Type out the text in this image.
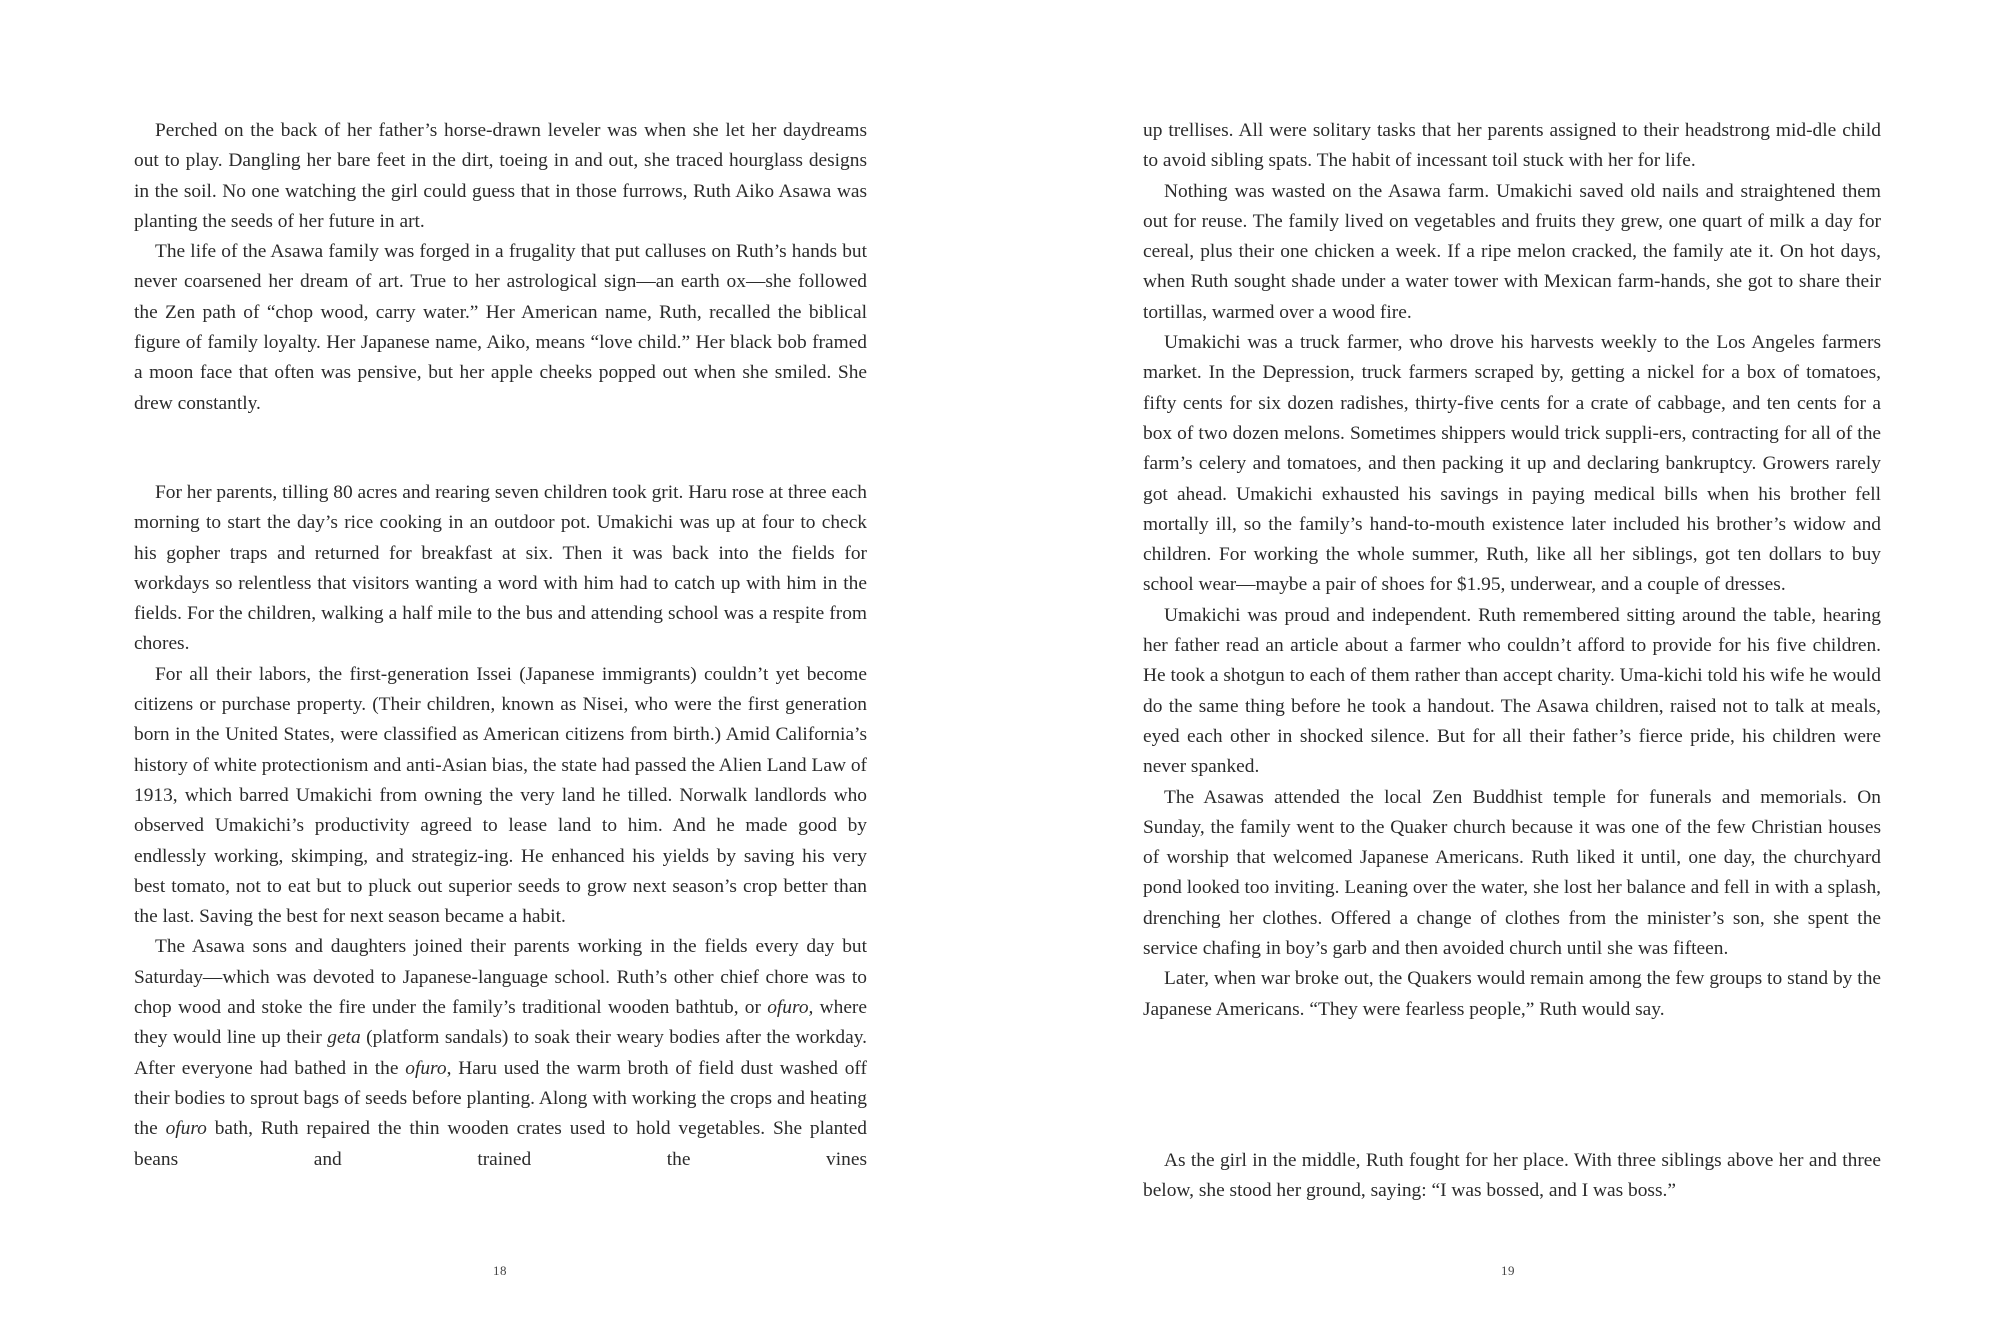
Perched on the back of her father’s horse-drawn leveler was when she let her daydreams out to play. Dangling her bare feet in the dirt, toeing in and out, she traced hourglass designs in the soil. No one watching the girl could guess that in those furrows, Ruth Aiko Asawa was planting the seeds of her future in art.

The life of the Asawa family was forged in a frugality that put calluses on Ruth’s hands but never coarsened her dream of art. True to her astrological sign—an earth ox—she followed the Zen path of “chop wood, carry water.” Her American name, Ruth, recalled the biblical figure of family loyalty. Her Japanese name, Aiko, means “love child.” Her black bob framed a moon face that often was pensive, but her apple cheeks popped out when she smiled. She drew constantly.

For her parents, tilling 80 acres and rearing seven children took grit. Haru rose at three each morning to start the day’s rice cooking in an outdoor pot. Umakichi was up at four to check his gopher traps and returned for breakfast at six. Then it was back into the fields for workdays so relentless that visitors wanting a word with him had to catch up with him in the fields. For the children, walking a half mile to the bus and attending school was a respite from chores.

For all their labors, the first-generation Issei (Japanese immigrants) couldn’t yet become citizens or purchase property. (Their children, known as Nisei, who were the first generation born in the United States, were classified as American citizens from birth.) Amid California’s history of white protectionism and anti-Asian bias, the state had passed the Alien Land Law of 1913, which barred Umakichi from owning the very land he tilled. Norwalk landlords who observed Umakichi’s productivity agreed to lease land to him. And he made good by endlessly working, skimping, and strategiz-ing. He enhanced his yields by saving his very best tomato, not to eat but to pluck out superior seeds to grow next season’s crop better than the last. Saving the best for next season became a habit.

The Asawa sons and daughters joined their parents working in the fields every day but Saturday—which was devoted to Japanese-language school. Ruth’s other chief chore was to chop wood and stoke the fire under the family’s traditional wooden bathtub, or ofuro, where they would line up their geta (platform sandals) to soak their weary bodies after the workday. After everyone had bathed in the ofuro, Haru used the warm broth of field dust washed off their bodies to sprout bags of seeds before planting. Along with working the crops and heating the ofuro bath, Ruth repaired the thin wooden crates used to hold vegetables. She planted beans and trained the vines

18

up trellises. All were solitary tasks that her parents assigned to their headstrong mid-dle child to avoid sibling spats. The habit of incessant toil stuck with her for life.

Nothing was wasted on the Asawa farm. Umakichi saved old nails and straightened them out for reuse. The family lived on vegetables and fruits they grew, one quart of milk a day for cereal, plus their one chicken a week. If a ripe melon cracked, the family ate it. On hot days, when Ruth sought shade under a water tower with Mexican farm-hands, she got to share their tortillas, warmed over a wood fire.

Umakichi was a truck farmer, who drove his harvests weekly to the Los Angeles farmers market. In the Depression, truck farmers scraped by, getting a nickel for a box of tomatoes, fifty cents for six dozen radishes, thirty-five cents for a crate of cabbage, and ten cents for a box of two dozen melons. Sometimes shippers would trick suppli-ers, contracting for all of the farm’s celery and tomatoes, and then packing it up and declaring bankruptcy. Growers rarely got ahead. Umakichi exhausted his savings in paying medical bills when his brother fell mortally ill, so the family’s hand-to-mouth existence later included his brother’s widow and children. For working the whole summer, Ruth, like all her siblings, got ten dollars to buy school wear—maybe a pair of shoes for $1.95, underwear, and a couple of dresses.

Umakichi was proud and independent. Ruth remembered sitting around the table, hearing her father read an article about a farmer who couldn’t afford to provide for his five children. He took a shotgun to each of them rather than accept charity. Uma-kichi told his wife he would do the same thing before he took a handout. The Asawa children, raised not to talk at meals, eyed each other in shocked silence. But for all their father’s fierce pride, his children were never spanked.

The Asawas attended the local Zen Buddhist temple for funerals and memorials. On Sunday, the family went to the Quaker church because it was one of the few Christian houses of worship that welcomed Japanese Americans. Ruth liked it until, one day, the churchyard pond looked too inviting. Leaning over the water, she lost her balance and fell in with a splash, drenching her clothes. Offered a change of clothes from the minister’s son, she spent the service chafing in boy’s garb and then avoided church until she was fifteen.

Later, when war broke out, the Quakers would remain among the few groups to stand by the Japanese Americans. “They were fearless people,” Ruth would say.

As the girl in the middle, Ruth fought for her place. With three siblings above her and three below, she stood her ground, saying: “I was bossed, and I was boss.”

19
